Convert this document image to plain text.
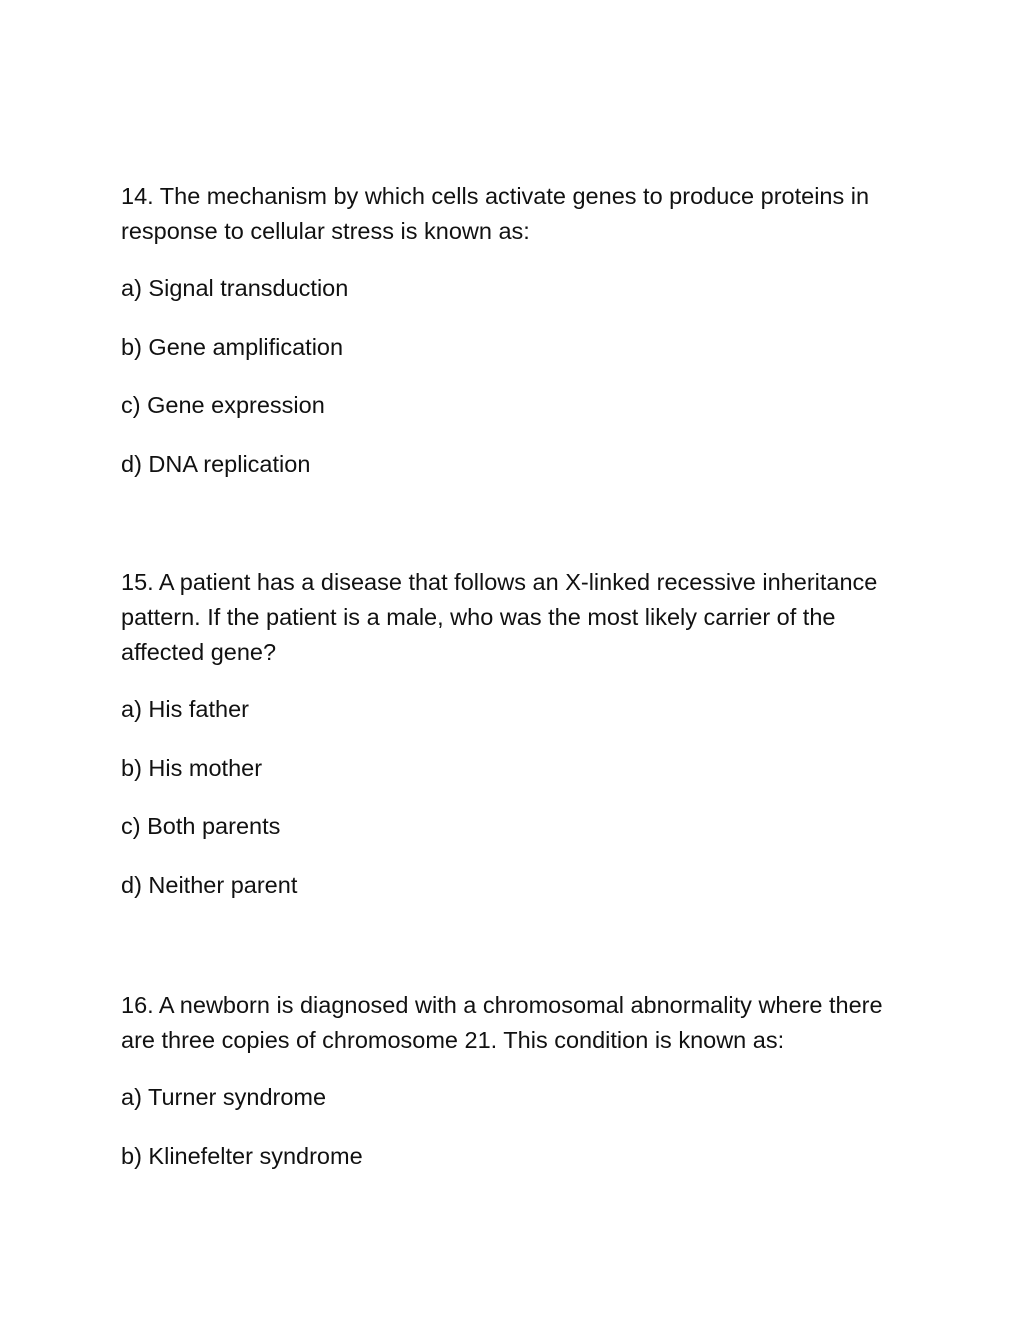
14. The mechanism by which cells activate genes to produce proteins in response to cellular stress is known as:

a) Signal transduction
b) Gene amplification
c) Gene expression
d) DNA replication

15. A patient has a disease that follows an X-linked recessive inheritance pattern. If the patient is a male, who was the most likely carrier of the affected gene?

a) His father
b) His mother
c) Both parents
d) Neither parent

16. A newborn is diagnosed with a chromosomal abnormality where there are three copies of chromosome 21. This condition is known as:

a) Turner syndrome
b) Klinefelter syndrome
